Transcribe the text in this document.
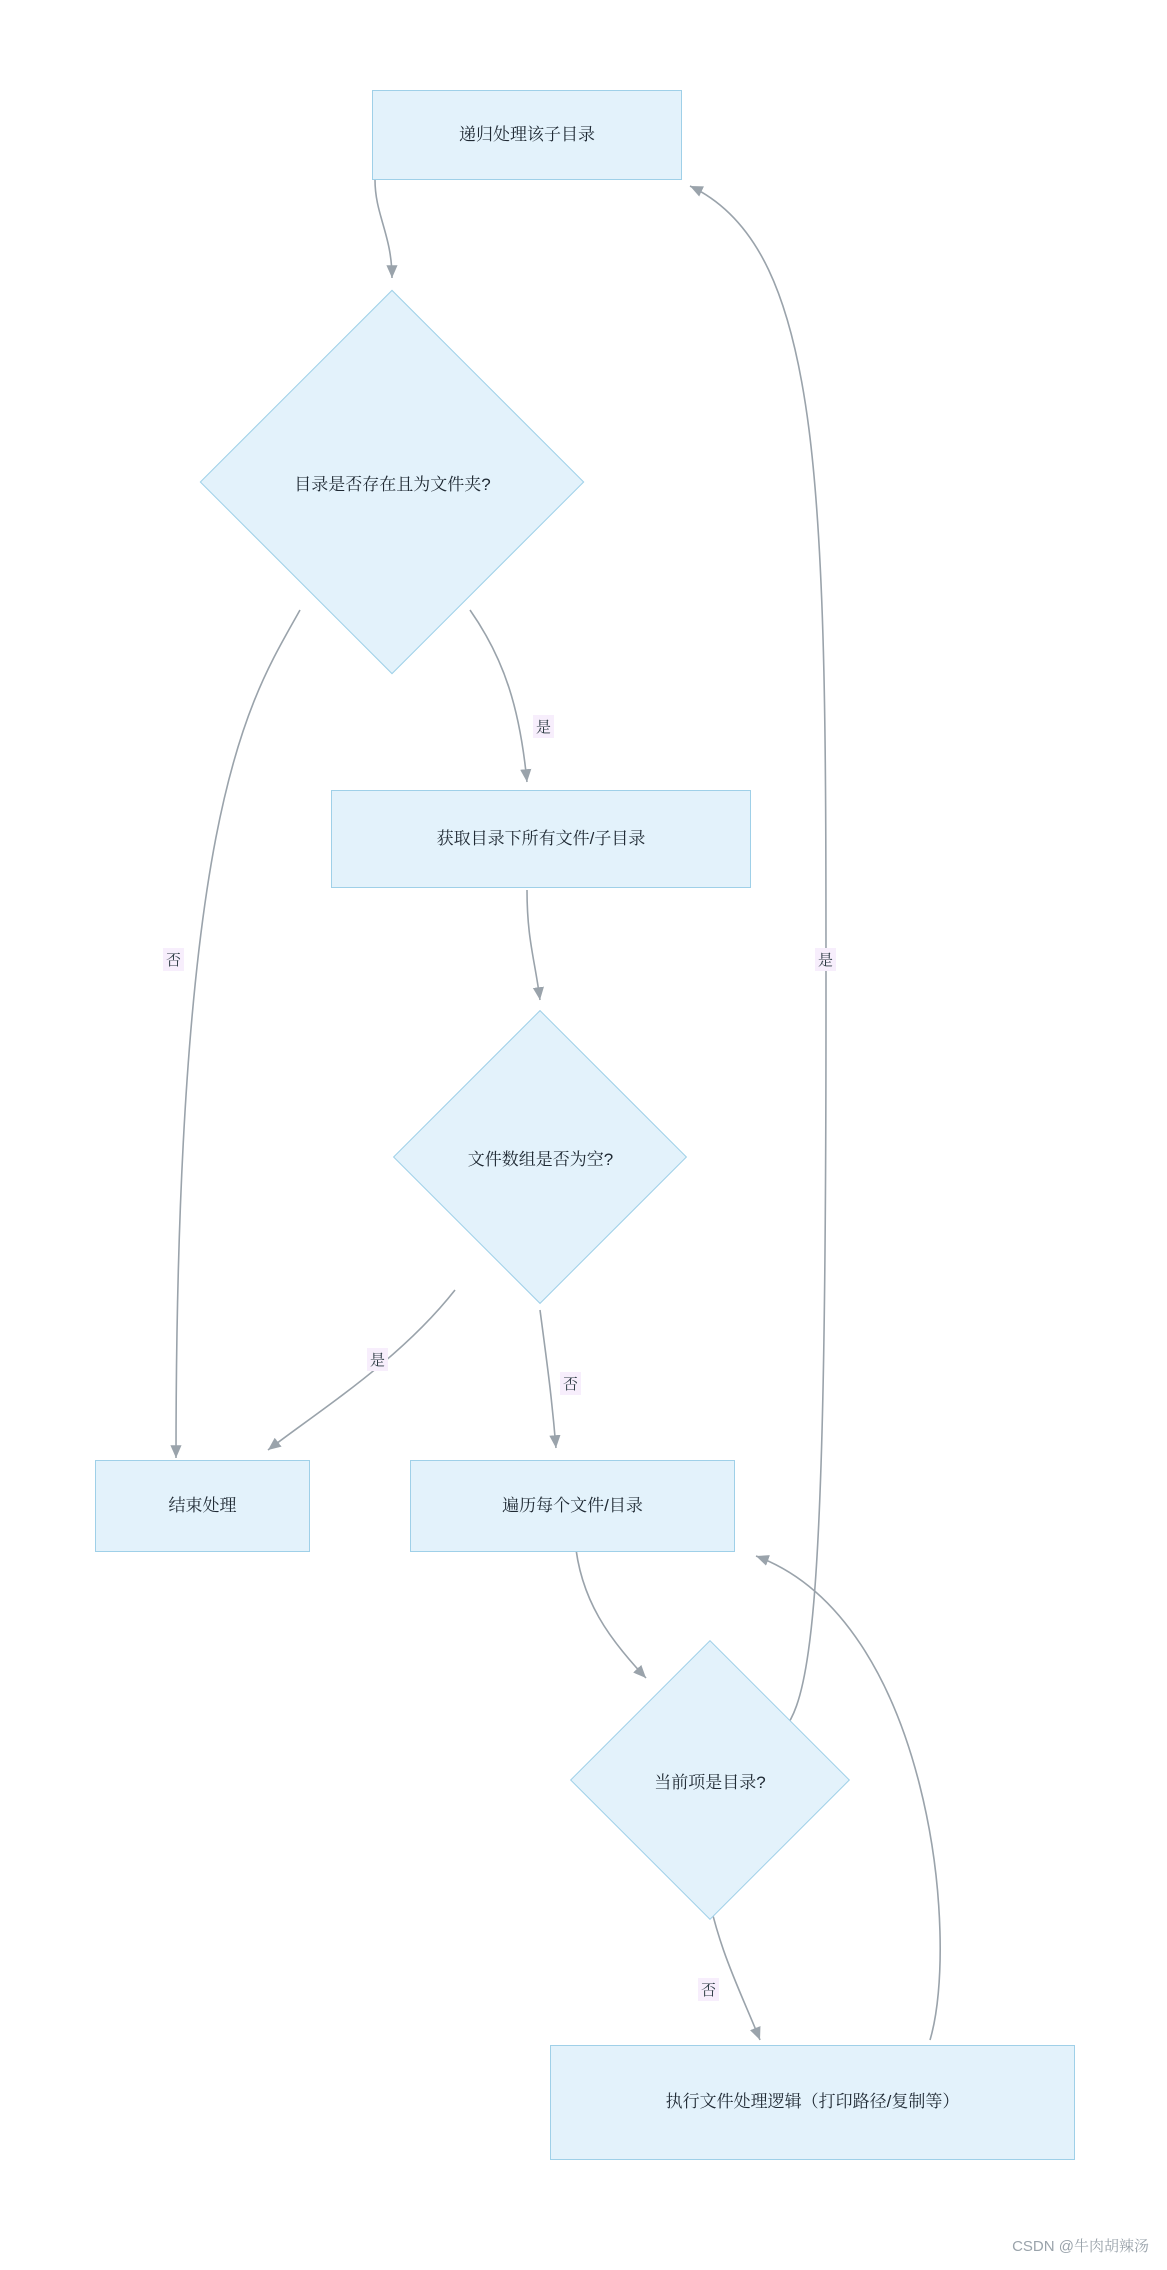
递归处理该子目录
目录是否存在且为文件夹?
获取目录下所有文件/子目录
文件数组是否为空?
结束处理	遍历每个文件/目录
当前项是目录?
执行文件处理逻辑（打印路径/复制等）
是
否
是
否
是
否
CSDN @牛肉胡辣汤
